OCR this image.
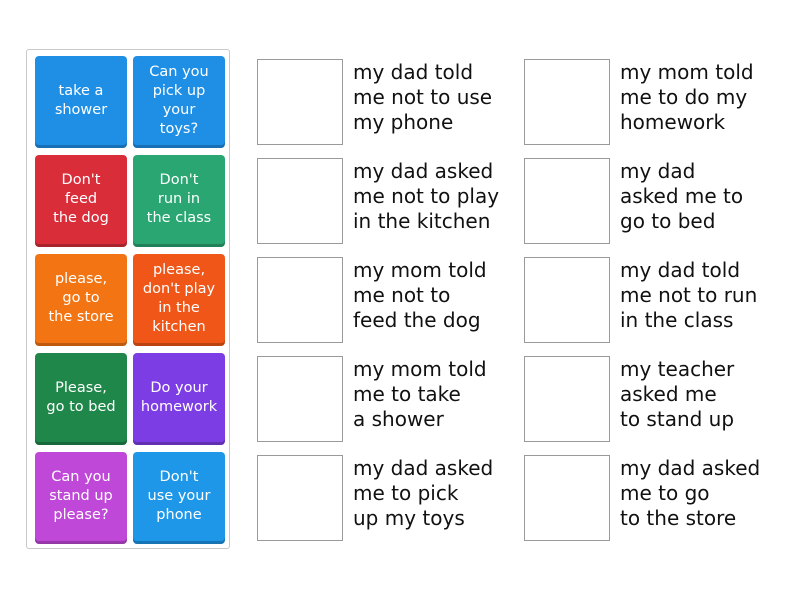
take a
shower
Can you
pick up
your
toys?
Don't
feed
the dog
Don't
run in
the class
please,
go to
the store
please,
don't play
in the
kitchen
Please,
go to bed
Do your
homework
Can you
stand up
please?
Don't
use your
phone
my dad told
me not to use
my phone
my mom told
me to do my
homework
my dad asked
me not to play
in the kitchen
my dad
asked me to
go to bed
my mom told
me not to
feed the dog
my dad told
me not to run
in the class
my mom told
me to take
a shower
my teacher
asked me
to stand up
my dad asked
me to pick
up my toys
my dad asked
me to go
to the store
